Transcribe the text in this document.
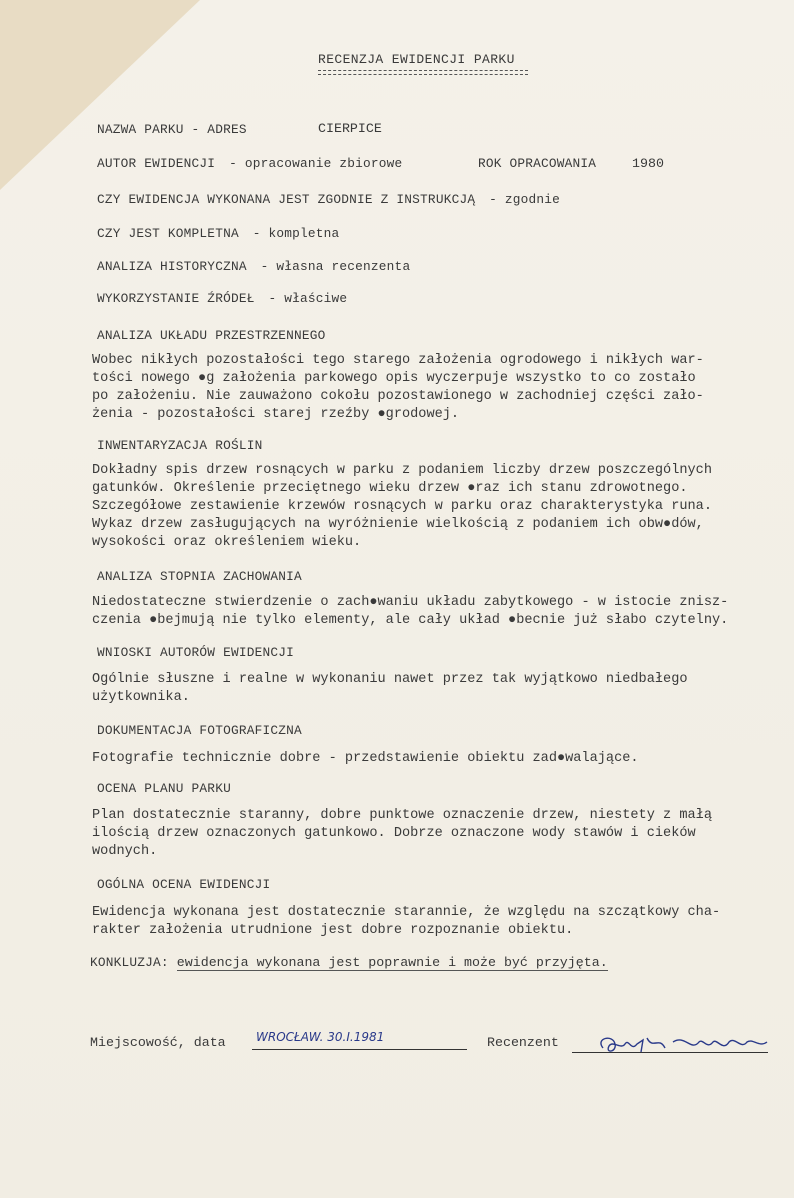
RECENZJA EWIDENCJI PARKU
NAZWA PARKU - ADRES	CIERPICE
AUTOR EWIDENCJI - opracowanie zbiorowe	ROK OPRACOWANIA	1980
CZY EWIDENCJA WYKONANA JEST ZGODNIE Z INSTRUKCJĄ - zgodnie
CZY JEST KOMPLETNA - kompletna
ANALIZA HISTORYCZNA - własna recenzenta
WYKORZYSTANIE ŹRÓDEŁ - właściwe
ANALIZA UKŁADU PRZESTRZENNEGO
Wobec nikłych pozostałości tego starego założenia ogrodowego i nikłych war-
tości nowego ●g założenia parkowego opis wyczerpuje wszystko to co zostało
po założeniu. Nie zauważono cokołu pozostawionego w zachodniej części zało-
żenia - pozostałości starej rzeźby ●grodowej.
INWENTARYZACJA ROŚLIN
Dokładny spis drzew rosnących w parku z podaniem liczby drzew poszczególnych
gatunków. Określenie przeciętnego wieku drzew ●raz ich stanu zdrowotnego.
Szczegółowe zestawienie krzewów rosnących w parku oraz charakterystyka runa.
Wykaz drzew zasługujących na wyróżnienie wielkością z podaniem ich obw●dów,
wysokości oraz określeniem wieku.
ANALIZA STOPNIA ZACHOWANIA
Niedostateczne stwierdzenie o zach●waniu układu zabytkowego - w istocie znisz-
czenia ●bejmują nie tylko elementy, ale cały układ ●becnie już słabo czytelny.
WNIOSKI AUTORÓW EWIDENCJI
Ogólnie słuszne i realne w wykonaniu nawet przez tak wyjątkowo niedbałego
użytkownika.
DOKUMENTACJA FOTOGRAFICZNA
Fotografie technicznie dobre - przedstawienie obiektu zad●walające.
OCENA PLANU PARKU
Plan dostatecznie staranny, dobre punktowe oznaczenie drzew, niestety z małą
ilością drzew oznaczonych gatunkowo. Dobrze oznaczone wody stawów i cieków
wodnych.
OGÓLNA OCENA EWIDENCJI
Ewidencja wykonana jest dostatecznie starannie, że względu na szczątkowy cha-
rakter założenia utrudnione jest dobre rozpoznanie obiektu.
KONKLUZJA: ewidencja wykonana jest poprawnie i może być przyjęta.
Miejscowość, data	WROCŁAW. 30.I.1981	Recenzent
